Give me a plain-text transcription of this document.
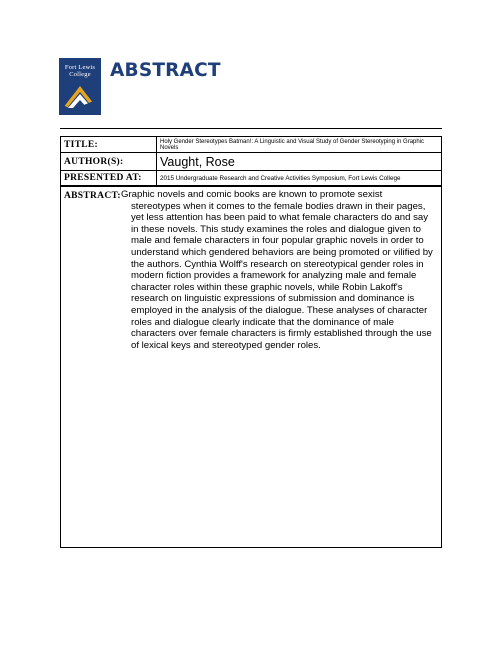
Fort Lewis
College	ABSTRACT
TITLE:	Holy Gender Stereotypes Batman!: A Linguistic and Visual Study of Gender Stereotyping in Graphic Novels
AUTHOR(S):	Vaught, Rose
PRESENTED AT:	2015 Undergraduate Research and Creative Activities Symposium, Fort Lewis College
ABSTRACT: Graphic novels and comic books are known to promote sexist
stereotypes when it comes to the female bodies drawn in their pages, yet less attention has been paid to what female characters do and say in these novels. This study examines the roles and dialogue given to male and female characters in four popular graphic novels in order to understand which gendered behaviors are being promoted or vilified by the authors. Cynthia Wolff's research on stereotypical gender roles in modern fiction provides a framework for analyzing male and female character roles within these graphic novels, while Robin Lakoff's research on linguistic expressions of submission and dominance is employed in the analysis of the dialogue. These analyses of character roles and dialogue clearly indicate that the dominance of male characters over female characters is firmly established through the use of lexical keys and stereotyped gender roles.
